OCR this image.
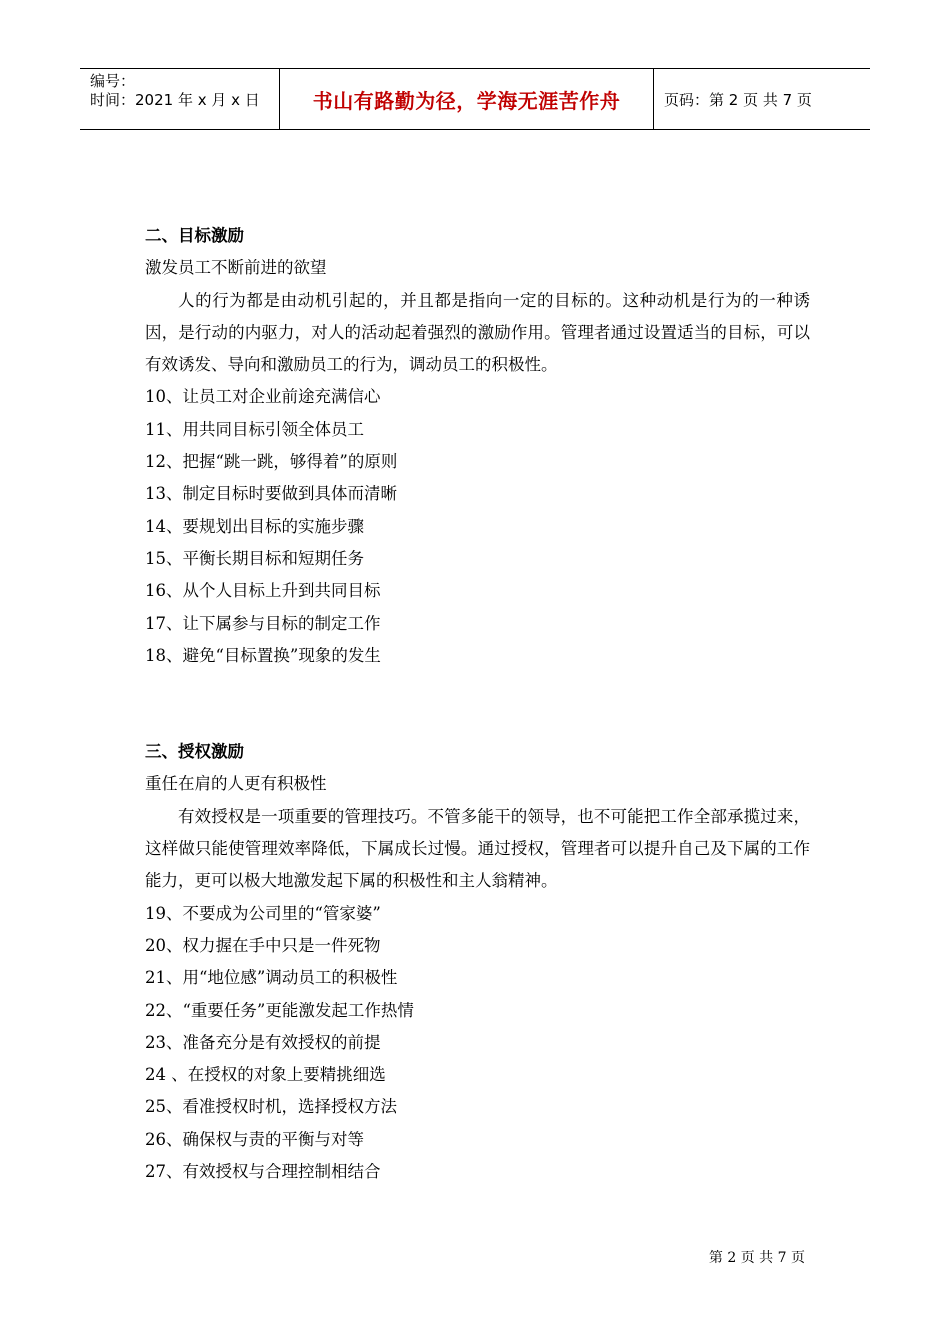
编号：
时间：2021 年 x 月 x 日	书山有路勤为径，学海无涯苦作舟	页码：第 2 页 共 7 页
二、目标激励
激发员工不断前进的欲望
人的行为都是由动机引起的，并且都是指向一定的目标的。这种动机是行为的一种诱因，是行动的内驱力，对人的活动起着强烈的激励作用。管理者通过设置适当的目标，可以有效诱发、导向和激励员工的行为，调动员工的积极性。
10、让员工对企业前途充满信心
11、用共同目标引领全体员工
12、把握“跳一跳，够得着”的原则
13、制定目标时要做到具体而清晰
14、要规划出目标的实施步骤
15、平衡长期目标和短期任务
16、从个人目标上升到共同目标
17、让下属参与目标的制定工作
18、避免“目标置换”现象的发生
三、授权激励
重任在肩的人更有积极性
有效授权是一项重要的管理技巧。不管多能干的领导，也不可能把工作全部承揽过来，这样做只能使管理效率降低，下属成长过慢。通过授权，管理者可以提升自己及下属的工作能力，更可以极大地激发起下属的积极性和主人翁精神。
19、不要成为公司里的“管家婆”
20、权力握在手中只是一件死物
21、用“地位感”调动员工的积极性
22、“重要任务”更能激发起工作热情
23、准备充分是有效授权的前提
24 、在授权的对象上要精挑细选
25、看准授权时机，选择授权方法
26、确保权与责的平衡与对等
27、有效授权与合理控制相结合
第 2 页 共 7 页
